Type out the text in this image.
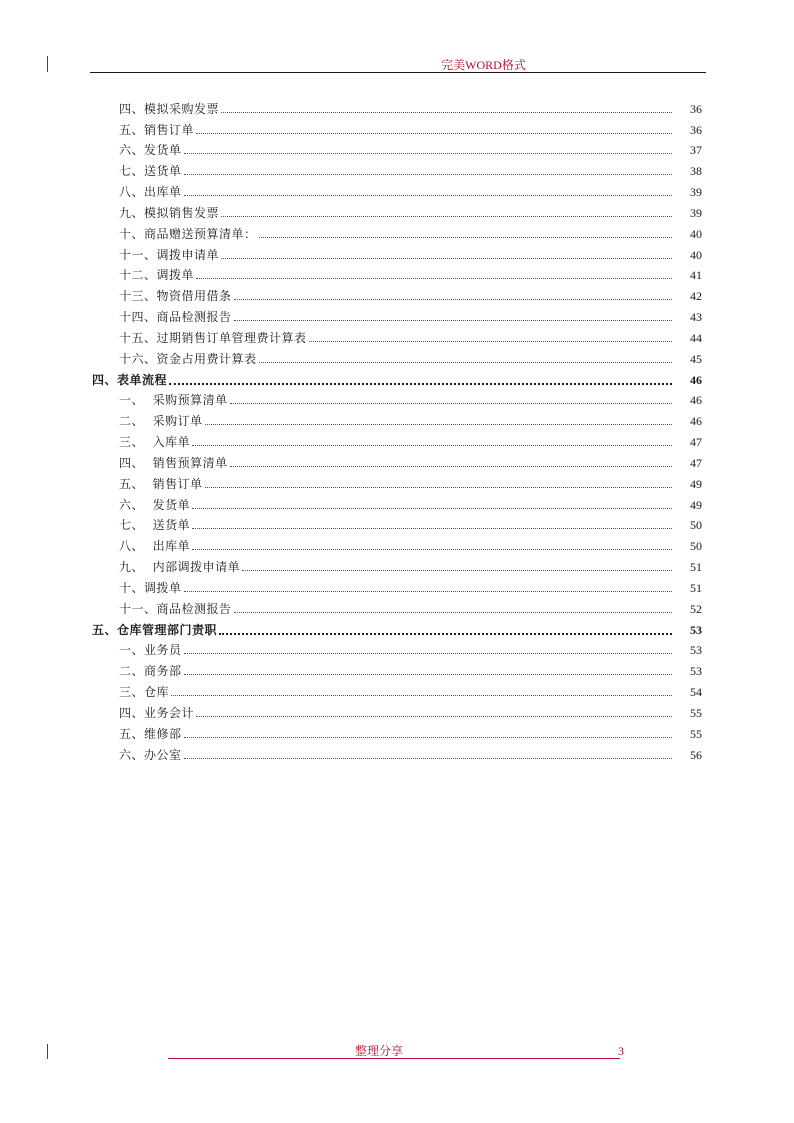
完美WORD格式
四、模拟采购发票	36
五、销售订单	36
六、发货单	37
七、送货单	38
八、出库单	39
九、模拟销售发票	39
十、商品赠送预算清单：	40
十一、调拨申请单	40
十二、调拨单	41
十三、物资借用借条	42
十四、商品检测报告	43
十五、过期销售订单管理费计算表	44
十六、资金占用费计算表	45
四、表单流程	46
一、  采购预算清单	46
二、  采购订单	46
三、  入库单	47
四、  销售预算清单	47
五、  销售订单	49
六、  发货单	49
七、  送货单	50
八、  出库单	50
九、  内部调拨申请单	51
十、调拨单	51
十一、商品检测报告	52
五、仓库管理部门责职	53
一、业务员	53
二、商务部	53
三、仓库	54
四、业务会计	55
五、维修部	55
六、办公室	56
整理分享	3
